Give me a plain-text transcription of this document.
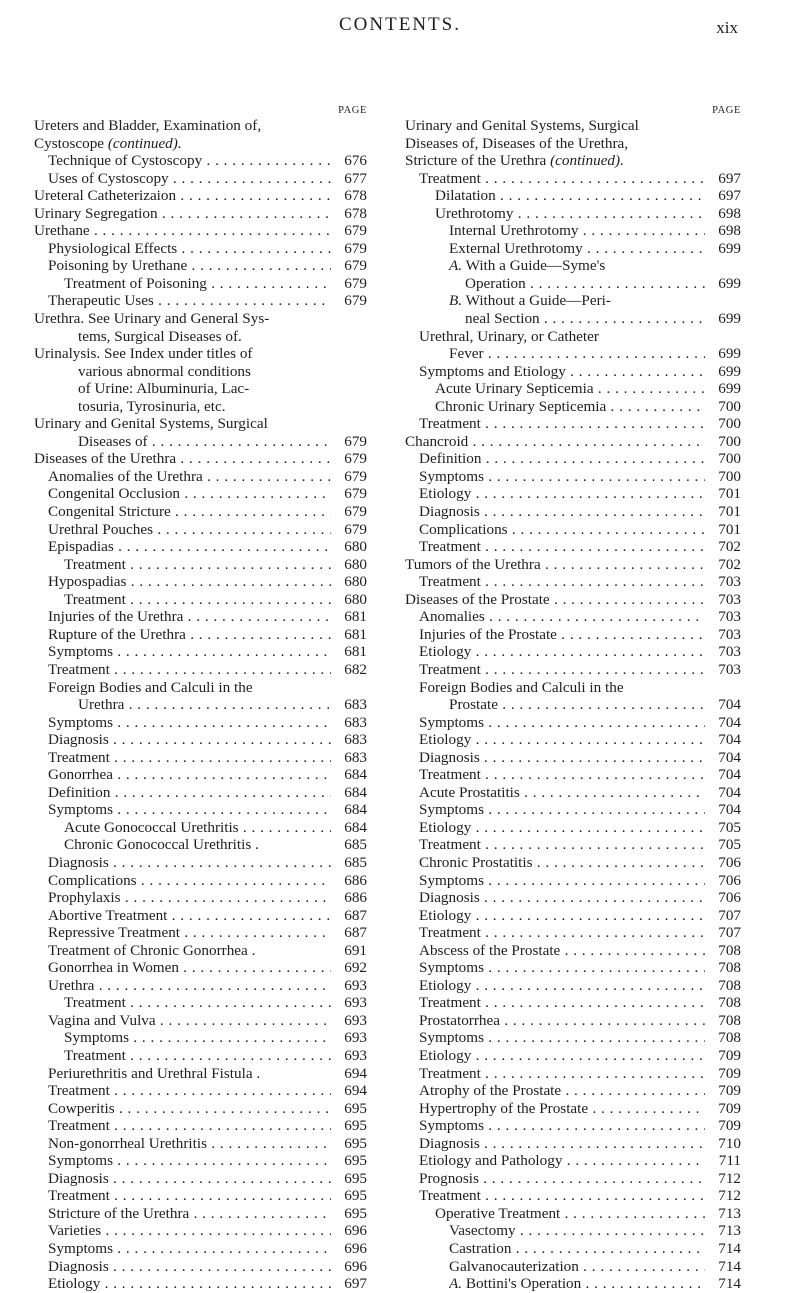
CONTENTS.	xix
PAGE
Ureters and Bladder, Examination of,
Cystoscope (continued).
Technique of Cystoscopy . . .	676
Uses of Cystoscopy . . .	677
Ureteral Catheterizaion . . .	678
Urinary Segregation . . .	678
Urethane . . .	679
Physiological Effects . . .	679
Poisoning by Urethane . . .	679
Treatment of Poisoning . . .	679
Therapeutic Uses . . .	679
Urethra. See Urinary and General Sys-
tems, Surgical Diseases of.
Urinalysis. See Index under titles of
various abnormal conditions
of Urine: Albuminuria, Lac-
tosuria, Tyrosinuria, etc.
Urinary and Genital Systems, Surgical
Diseases of . . .	679
Diseases of the Urethra . . .	679
Anomalies of the Urethra . . .	679
Congenital Occlusion . . .	679
Congenital Stricture . . .	679
Urethral Pouches . . .	679
Epispadias . . .	680
Treatment . . .	680
Hypospadias . . .	680
Treatment . . .	680
Injuries of the Urethra . . .	681
Rupture of the Urethra . . .	681
Symptoms . . .	681
Treatment . . .	682
Foreign Bodies and Calculi in the
Urethra . . .	683
Symptoms . . .	683
Diagnosis . . .	683
Treatment . . .	683
Gonorrhea . . .	684
Definition . . .	684
Symptoms . . .	684
Acute Gonococcal Urethritis . . .	684
Chronic Gonococcal Urethritis .	685
Diagnosis . . .	685
Complications . . .	686
Prophylaxis . . .	686
Abortive Treatment . . .	687
Repressive Treatment . . .	687
Treatment of Chronic Gonorrhea .	691
Gonorrhea in Women . . .	692
Urethra . . .	693
Treatment . . .	693
Vagina and Vulva . . .	693
Symptoms . . .	693
Treatment . . .	693
Periurethritis and Urethral Fistula .	694
Treatment . . .	694
Cowperitis . . .	695
Treatment . . .	695
Non-gonorrheal Urethritis . . .	695
Symptoms . . .	695
Diagnosis . . .	695
Treatment . . .	695
Stricture of the Urethra . . .	695
Varieties . . .	696
Symptoms . . .	696
Diagnosis . . .	696
Etiology . . .	697
PAGE
Urinary and Genital Systems, Surgical
Diseases of, Diseases of the Urethra,
Stricture of the Urethra (continued).
Treatment . . .	697
Dilatation . . .	697
Urethrotomy . . .	698
Internal Urethrotomy . . .	698
External Urethrotomy . . .	699
A. With a Guide—Syme's
Operation . . .	699
B. Without a Guide—Peri-
neal Section . . .	699
Urethral, Urinary, or Catheter
Fever . . .	699
Symptoms and Etiology . . .	699
Acute Urinary Septicemia . . .	699
Chronic Urinary Septicemia . . .	700
Treatment . . .	700
Chancroid . . .	700
Definition . . .	700
Symptoms . . .	700
Etiology . . .	701
Diagnosis . . .	701
Complications . . .	701
Treatment . . .	702
Tumors of the Urethra . . .	702
Treatment . . .	703
Diseases of the Prostate . . .	703
Anomalies . . .	703
Injuries of the Prostate . . .	703
Etiology . . .	703
Treatment . . .	703
Foreign Bodies and Calculi in the
Prostate . . .	704
Symptoms . . .	704
Etiology . . .	704
Diagnosis . . .	704
Treatment . . .	704
Acute Prostatitis . . .	704
Symptoms . . .	704
Etiology . . .	705
Treatment . . .	705
Chronic Prostatitis . . .	706
Symptoms . . .	706
Diagnosis . . .	706
Etiology . . .	707
Treatment . . .	707
Abscess of the Prostate . . .	708
Symptoms . . .	708
Etiology . . .	708
Treatment . . .	708
Prostatorrhea . . .	708
Symptoms . . .	708
Etiology . . .	709
Treatment . . .	709
Atrophy of the Prostate . . .	709
Hypertrophy of the Prostate . . .	709
Symptoms . . .	709
Diagnosis . . .	710
Etiology and Pathology . . .	711
Prognosis . . .	712
Treatment . . .	712
Operative Treatment . . .	713
Vasectomy . . .	713
Castration . . .	714
Galvanocauterization . . .	714
A. Bottini's Operation . . .	714
